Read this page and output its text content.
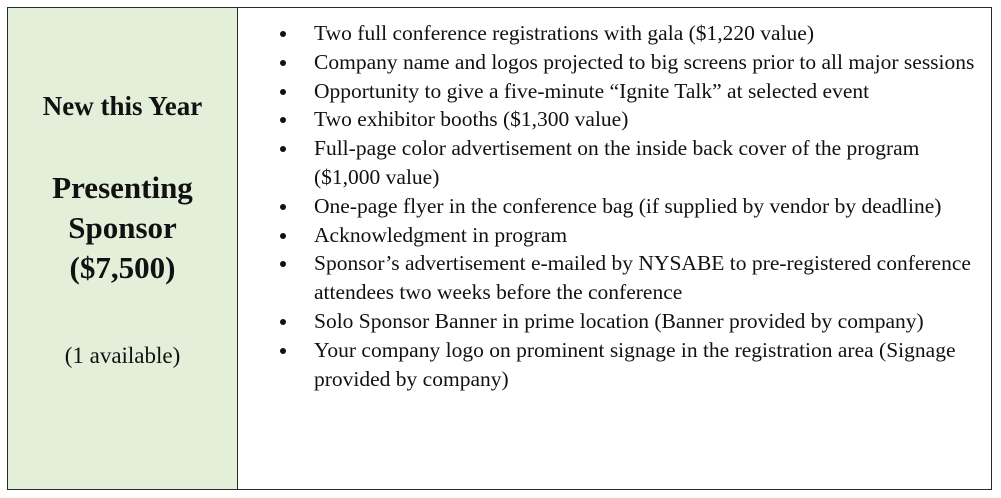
New this Year
Presenting
Sponsor
($7,500)
(1 available)
Two full conference registrations with gala ($1,220 value)
Company name and logos projected to big screens prior to all major sessions
Opportunity to give a five-minute “Ignite Talk” at selected event
Two exhibitor booths ($1,300 value)
Full-page color advertisement on the inside back cover of the program ($1,000 value)
One-page flyer in the conference bag (if supplied by vendor by deadline)
Acknowledgment in program
Sponsor’s advertisement e-mailed by NYSABE to pre-registered conference attendees two weeks before the conference
Solo Sponsor Banner in prime location (Banner provided by company)
Your company logo on prominent signage in the registration area (Signage provided by company)
